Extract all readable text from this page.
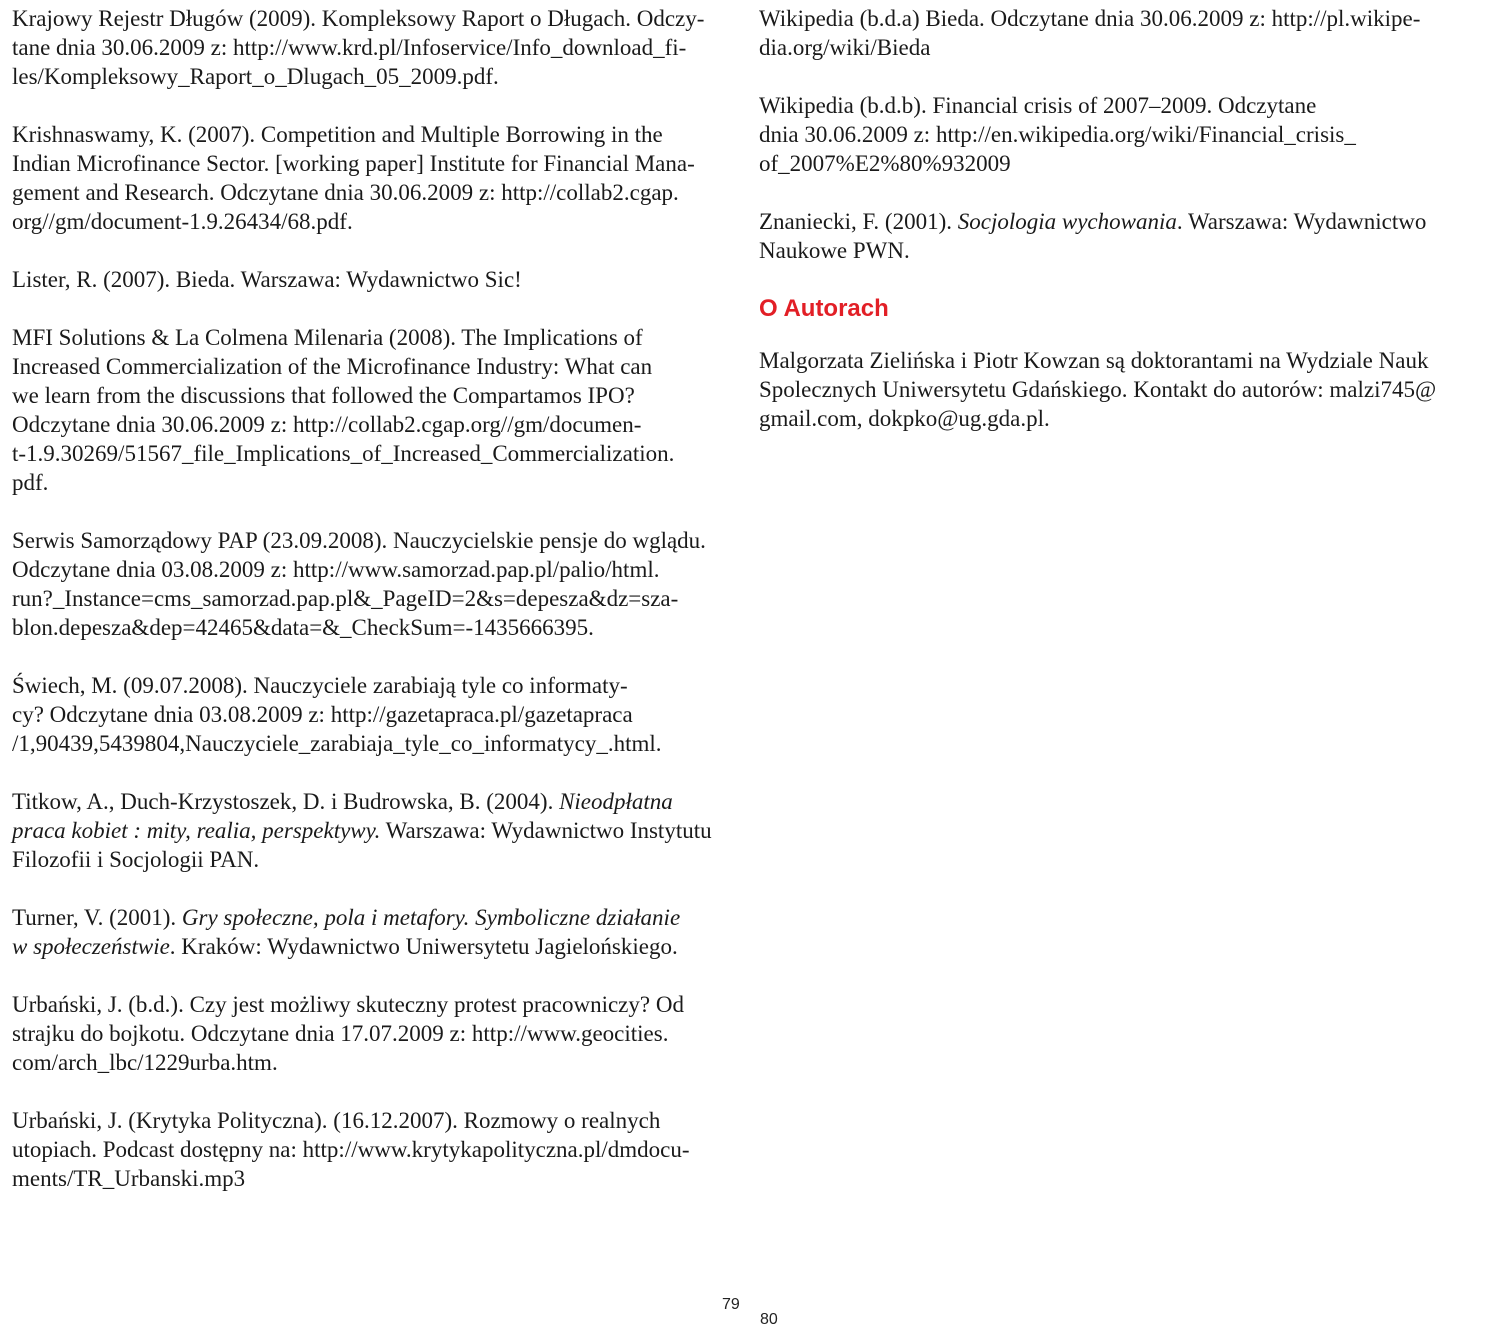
Krajowy Rejestr Długów (2009). Kompleksowy Raport o Długach. Odczy-
tane dnia 30.06.2009 z: http://www.krd.pl/Infoservice/Info_download_fi-
les/Kompleksowy_Raport_o_Dlugach_05_2009.pdf.

Krishnaswamy, K. (2007). Competition and Multiple Borrowing in the
Indian Microfinance Sector. [working paper] Institute for Financial Mana-
gement and Research. Odczytane dnia 30.06.2009 z: http://collab2.cgap.
org//gm/document-1.9.26434/68.pdf.

Lister, R. (2007). Bieda. Warszawa: Wydawnictwo Sic!

MFI Solutions & La Colmena Milenaria (2008). The Implications of
Increased Commercialization of the Microfinance Industry: What can
we learn from the discussions that followed the Compartamos IPO?
Odczytane dnia 30.06.2009 z: http://collab2.cgap.org//gm/documen-
t-1.9.30269/51567_file_Implications_of_Increased_Commercialization.
pdf.

Serwis Samorządowy PAP (23.09.2008). Nauczycielskie pensje do wglądu.
Odczytane dnia 03.08.2009 z: http://www.samorzad.pap.pl/palio/html.
run?_Instance=cms_samorzad.pap.pl&_PageID=2&s=depesza&dz=sza-
blon.depesza&dep=42465&data=&_CheckSum=-1435666395.

Świech, M. (09.07.2008). Nauczyciele zarabiają tyle co informaty-
cy? Odczytane dnia 03.08.2009 z: http://gazetapraca.pl/gazetapraca
/1,90439,5439804,Nauczyciele_zarabiaja_tyle_co_informatycy_.html.

Titkow, A., Duch-Krzystoszek, D. i Budrowska, B. (2004). Nieodpłatna
praca kobiet : mity, realia, perspektywy. Warszawa: Wydawnictwo Instytutu
Filozofii i Socjologii PAN.

Turner, V. (2001). Gry społeczne, pola i metafory. Symboliczne działanie
w społeczeństwie. Kraków: Wydawnictwo Uniwersytetu Jagielońskiego.

Urbański, J. (b.d.). Czy jest możliwy skuteczny protest pracowniczy? Od
strajku do bojkotu. Odczytane dnia 17.07.2009 z: http://www.geocities.
com/arch_lbc/1229urba.htm.

Urbański, J. (Krytyka Polityczna). (16.12.2007). Rozmowy o realnych
utopiach. Podcast dostępny na: http://www.krytykapolityczna.pl/dmdocu-
ments/TR_Urbanski.mp3

Wikipedia (b.d.a) Bieda. Odczytane dnia 30.06.2009 z: http://pl.wikipe-
dia.org/wiki/Bieda

Wikipedia (b.d.b). Financial crisis of 2007–2009. Odczytane
dnia 30.06.2009 z: http://en.wikipedia.org/wiki/Financial_crisis_
of_2007%E2%80%932009

Znaniecki, F. (2001). Socjologia wychowania. Warszawa: Wydawnictwo
Naukowe PWN.

O Autorach

Malgorzata Zielińska i Piotr Kowzan są doktorantami na Wydziale Nauk
Spolecznych Uniwersytetu Gdańskiego. Kontakt do autorów: malzi745@
gmail.com, dokpko@ug.gda.pl.

79
80
